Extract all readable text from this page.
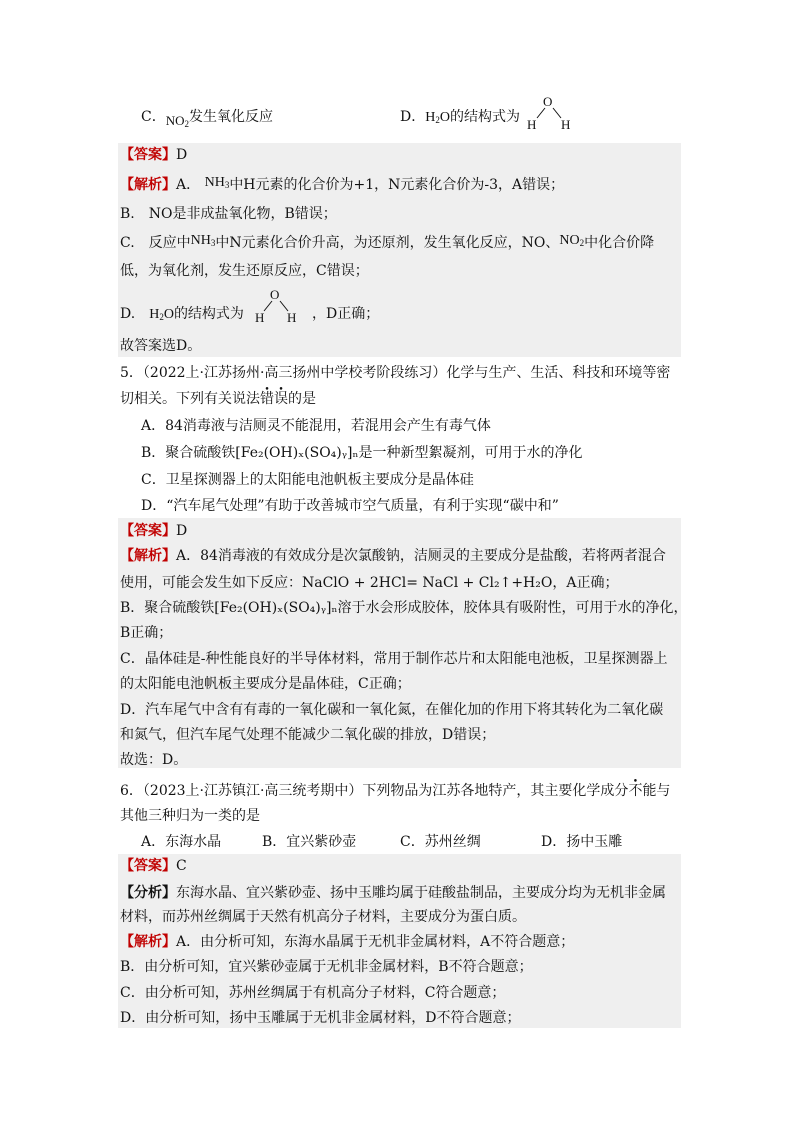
C．$NO_2$发生氧化反应	D．$H_2O$的结构式为
O
H H
【答案】D
【解析】A． $NH_3$中H元素的化合价为+1，N元素化合价为-3，A错误；
B.　NO是非成盐氧化物，B错误；
C.　反应中$NH_3$中N元素化合价升高，为还原剂，发生氧化反应，NO、$NO_2$中化合价降
低，为氧化剂，发生还原反应，C错误；
D.　$H_2O$的结构式为
O
H H ，D正确；
故答案选D。
5．（2022上·江苏扬州·高三扬州中学校考阶段练习）化学与生产、生活、科技和环境等密
切相关。下列有关说法错误的是
A．84消毒液与洁厕灵不能混用，若混用会产生有毒气体
B．聚合硫酸铁[Fe₂(OH)ₓ(SO₄)ᵧ]ₙ是一种新型絮凝剂，可用于水的净化
C．卫星探测器上的太阳能电池帆板主要成分是晶体硅
D．“汽车尾气处理”有助于改善城市空气质量，有利于实现“碳中和”
【答案】D
【解析】A．84消毒液的有效成分是次氯酸钠，洁厕灵的主要成分是盐酸，若将两者混合
使用，可能会发生如下反应：NaClO + 2HCl= NaCl + Cl₂↑+H₂O，A正确；
B．聚合硫酸铁[Fe₂(OH)ₓ(SO₄)ᵧ]ₙ溶于水会形成胶体，胶体具有吸附性，可用于水的净化，
B正确；
C．晶体硅是-种性能良好的半导体材料，常用于制作芯片和太阳能电池板，卫星探测器上
的太阳能电池帆板主要成分是晶体硅，C正确；
D．汽车尾气中含有有毒的一氧化碳和一氧化氮，在催化加的作用下将其转化为二氧化碳
和氮气，但汽车尾气处理不能减少二氧化碳的排放，D错误；
故选：D。
6．（2023上·江苏镇江·高三统考期中）下列物品为江苏各地特产，其主要化学成分不能与
其他三种归为一类的是
A．东海水晶	B．宜兴紫砂壶	C．苏州丝绸	D．扬中玉雕
【答案】C
【分析】东海水晶、宜兴紫砂壶、扬中玉雕均属于硅酸盐制品，主要成分均为无机非金属
材料，而苏州丝绸属于天然有机高分子材料，主要成分为蛋白质。
【解析】A．由分析可知，东海水晶属于无机非金属材料，A不符合题意；
B．由分析可知，宜兴紫砂壶属于无机非金属材料，B不符合题意；
C．由分析可知，苏州丝绸属于有机高分子材料，C符合题意；
D．由分析可知，扬中玉雕属于无机非金属材料，D不符合题意；
